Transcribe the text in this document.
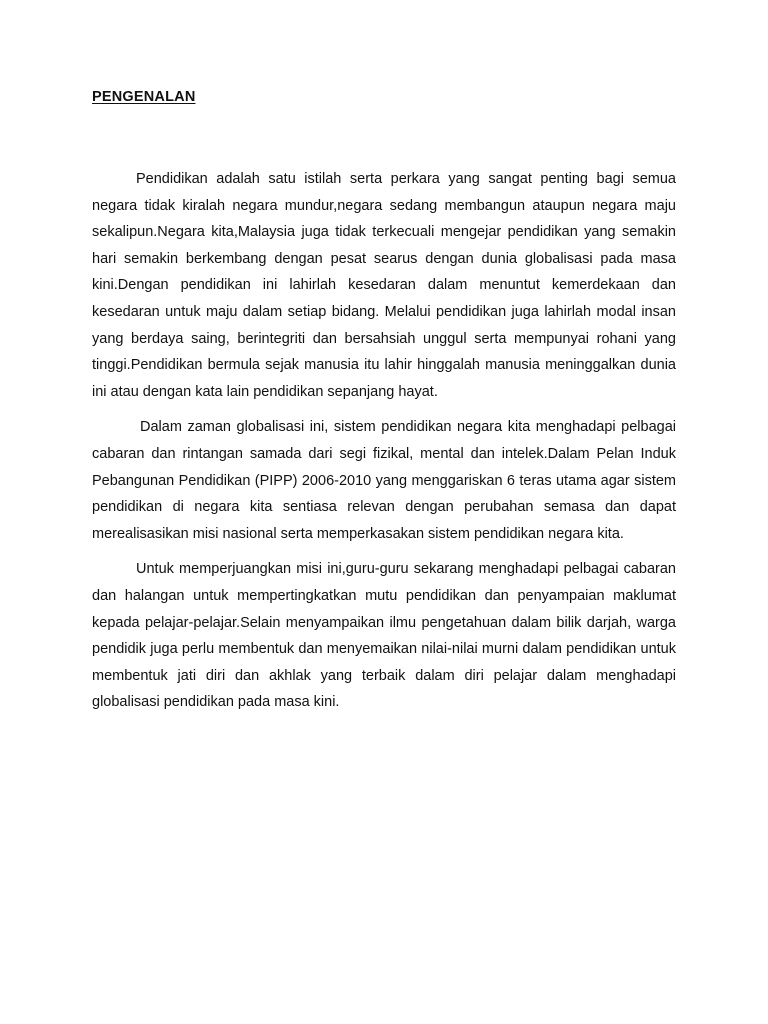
PENGENALAN

Pendidikan adalah satu istilah serta perkara yang sangat penting bagi semua negara tidak kiralah negara mundur,negara sedang membangun ataupun negara maju sekalipun.Negara kita,Malaysia juga tidak terkecuali mengejar pendidikan yang semakin hari semakin berkembang dengan pesat searus dengan dunia globalisasi pada masa kini.Dengan pendidikan ini lahirlah kesedaran dalam menuntut kemerdekaan dan kesedaran untuk maju dalam setiap bidang. Melalui pendidikan juga lahirlah modal insan yang berdaya saing, berintegriti dan bersahsiah unggul serta mempunyai rohani yang tinggi.Pendidikan bermula sejak manusia itu lahir hinggalah manusia meninggalkan dunia ini atau dengan kata lain pendidikan sepanjang hayat.

Dalam zaman globalisasi ini, sistem pendidikan negara kita menghadapi pelbagai cabaran dan rintangan samada dari segi fizikal, mental dan intelek.Dalam Pelan Induk Pebangunan Pendidikan (PIPP) 2006-2010 yang menggariskan 6 teras utama agar sistem pendidikan di negara kita sentiasa relevan dengan perubahan semasa dan dapat merealisasikan misi nasional serta memperkasakan sistem pendidikan negara kita.

Untuk memperjuangkan misi ini,guru-guru sekarang menghadapi pelbagai cabaran dan halangan untuk mempertingkatkan mutu pendidikan dan penyampaian maklumat kepada pelajar-pelajar.Selain menyampaikan ilmu pengetahuan dalam bilik darjah, warga pendidik juga perlu membentuk dan menyemaikan nilai-nilai murni dalam pendidikan untuk membentuk jati diri dan akhlak yang terbaik dalam diri pelajar dalam menghadapi globalisasi pendidikan pada masa kini.
